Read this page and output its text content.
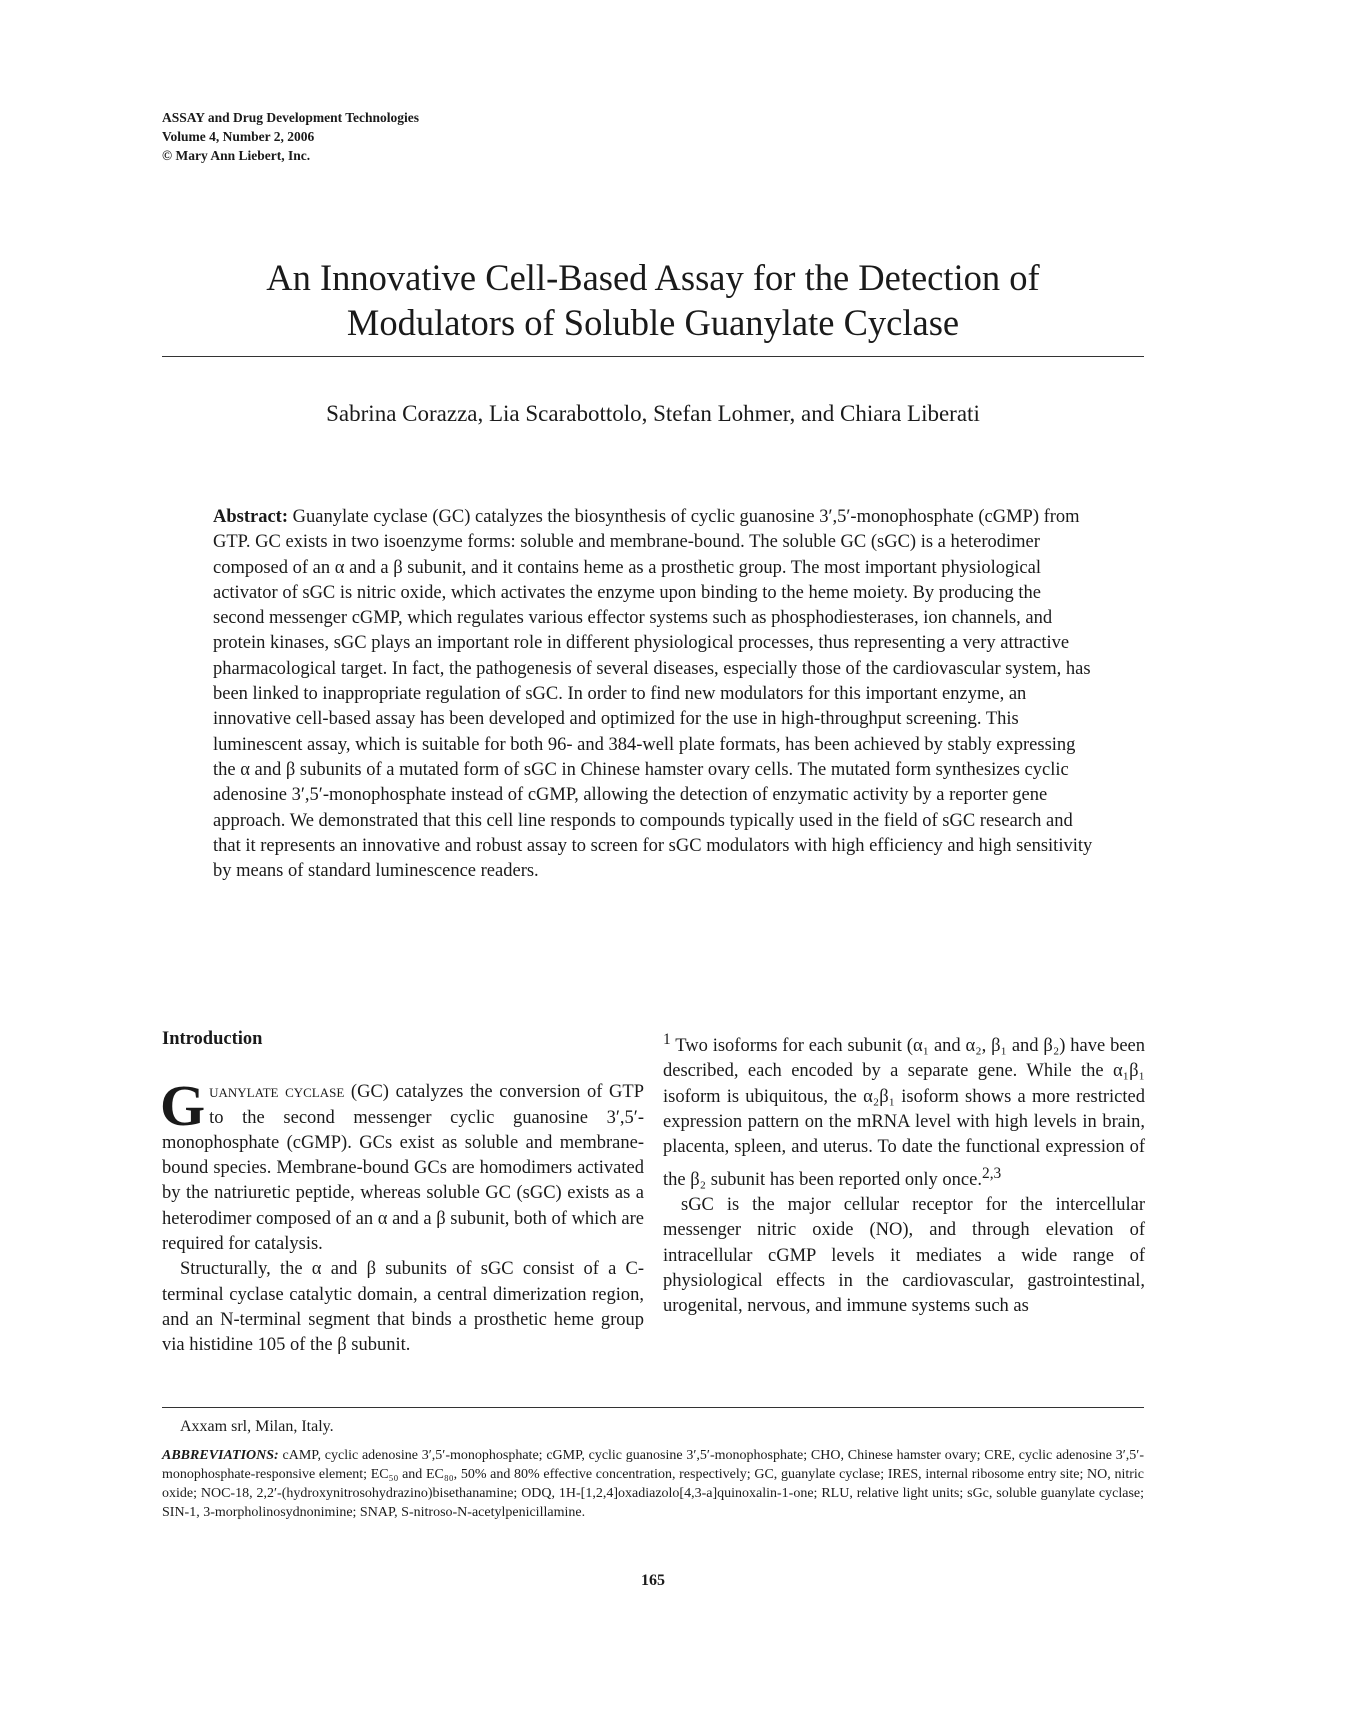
ASSAY and Drug Development Technologies
Volume 4, Number 2, 2006
© Mary Ann Liebert, Inc.
An Innovative Cell-Based Assay for the Detection of
Modulators of Soluble Guanylate Cyclase
Sabrina Corazza, Lia Scarabottolo, Stefan Lohmer, and Chiara Liberati
Abstract: Guanylate cyclase (GC) catalyzes the biosynthesis of cyclic guanosine 3′,5′-monophosphate (cGMP) from GTP. GC exists in two isoenzyme forms: soluble and membrane-bound. The soluble GC (sGC) is a heterodimer composed of an α and a β subunit, and it contains heme as a prosthetic group. The most important physiological activator of sGC is nitric oxide, which activates the enzyme upon binding to the heme moiety. By producing the second messenger cGMP, which regulates various effector systems such as phosphodiesterases, ion channels, and protein kinases, sGC plays an important role in different physiological processes, thus representing a very attractive pharmacological target. In fact, the pathogenesis of several diseases, especially those of the cardiovascular system, has been linked to inappropriate regulation of sGC. In order to find new modulators for this important enzyme, an innovative cell-based assay has been developed and optimized for the use in high-throughput screening. This luminescent assay, which is suitable for both 96- and 384-well plate formats, has been achieved by stably expressing the α and β subunits of a mutated form of sGC in Chinese hamster ovary cells. The mutated form synthesizes cyclic adenosine 3′,5′-monophosphate instead of cGMP, allowing the detection of enzymatic activity by a reporter gene approach. We demonstrated that this cell line responds to compounds typically used in the field of sGC research and that it represents an innovative and robust assay to screen for sGC modulators with high efficiency and high sensitivity by means of standard luminescence readers.

Introduction

Guanylate cyclase (GC) catalyzes the conversion of GTP to the second messenger cyclic guanosine 3′,5′-monophosphate (cGMP). GCs exist as soluble and membrane-bound species. Membrane-bound GCs are homodimers activated by the natriuretic peptide, whereas soluble GC (sGC) exists as a heterodimer composed of an α and a β subunit, both of which are required for catalysis.

Structurally, the α and β subunits of sGC consist of a C-terminal cyclase catalytic domain, a central dimerization region, and an N-terminal segment that binds a prosthetic heme group via histidine 105 of the β subunit.

$^1$ Two isoforms for each subunit (α₁ and α₂, β₁ and β₂) have been described, each encoded by a separate gene. While the α₁β₁ isoform is ubiquitous, the α₂β₁ isoform shows a more restricted expression pattern on the mRNA level with high levels in brain, placenta, spleen, and uterus. To date the functional expression of the β₂ subunit has been reported only once.$^{2,3}$

sGC is the major cellular receptor for the intercellular messenger nitric oxide (NO), and through elevation of intracellular cGMP levels it mediates a wide range of physiological effects in the cardiovascular, gastrointestinal, urogenital, nervous, and immune systems such as

Axxam srl, Milan, Italy.
ABBREVIATIONS: cAMP, cyclic adenosine 3′,5′-monophosphate; cGMP, cyclic guanosine 3′,5′-monophosphate; CHO, Chinese hamster ovary; CRE, cyclic adenosine 3′,5′-monophosphate-responsive element; EC₅₀ and EC₈₀, 50% and 80% effective concentration, respectively; GC, guanylate cyclase; IRES, internal ribosome entry site; NO, nitric oxide; NOC-18, 2,2′-(hydroxynitrosohydrazino)bisethanamine; ODQ, 1H-[1,2,4]oxadiazolo[4,3-a]quinoxalin-1-one; RLU, relative light units; sGc, soluble guanylate cyclase; SIN-1, 3-morpholinosydnonimine; SNAP, S-nitroso-N-acetylpenicillamine.
165
